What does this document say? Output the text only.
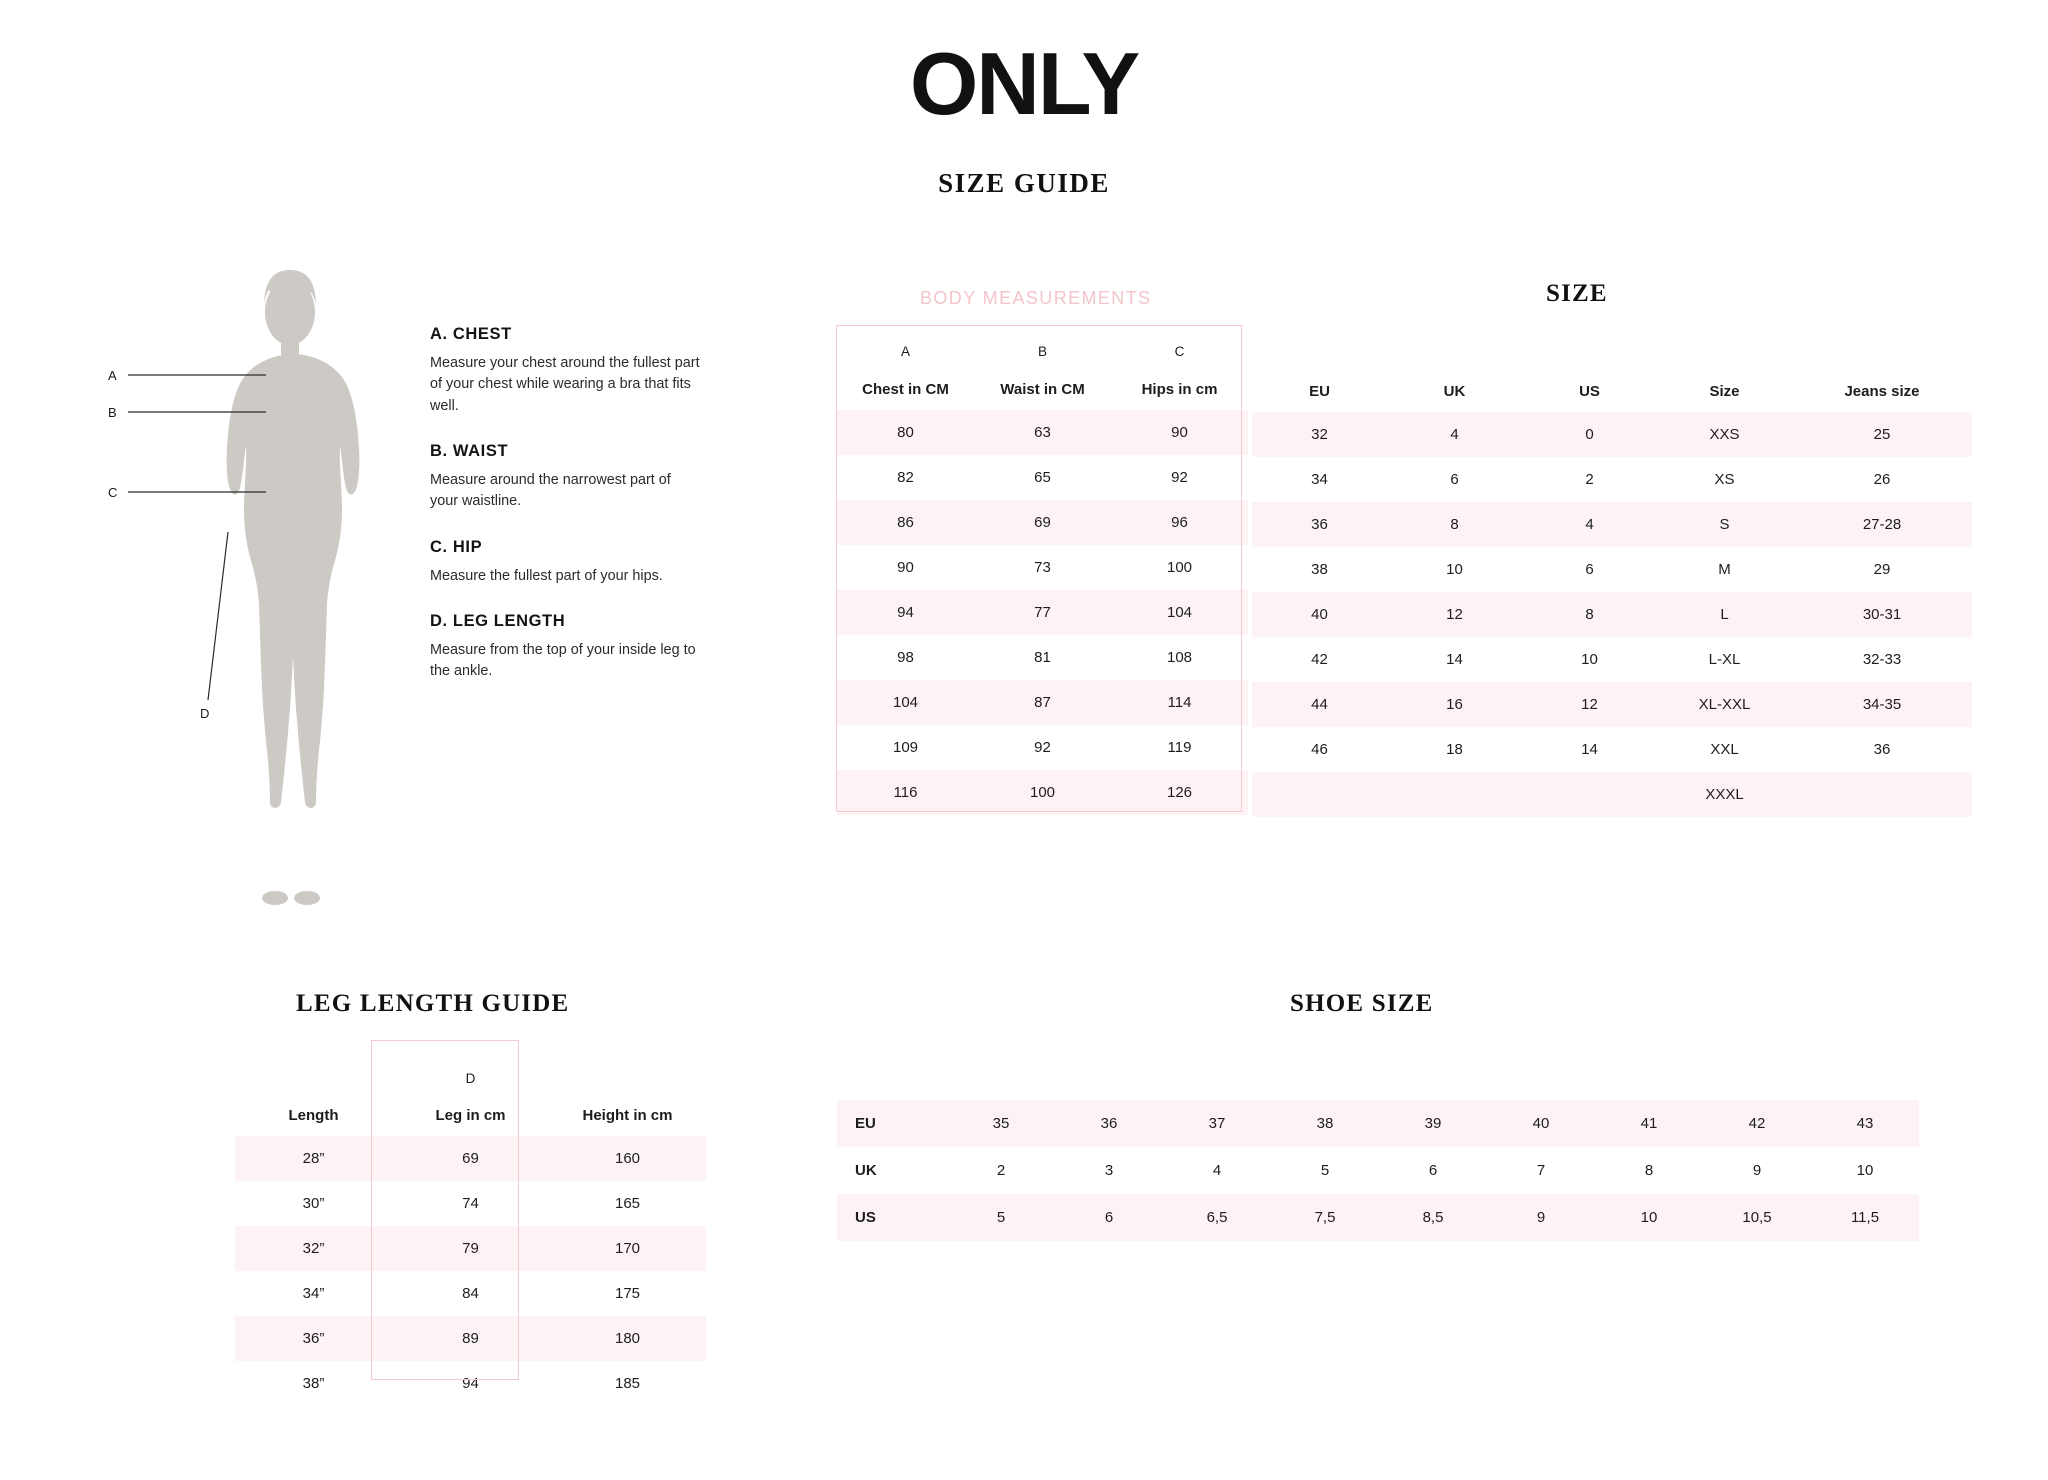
ONLY
SIZE GUIDE
A
B
C
D
A. CHEST
Measure your chest around the fullest part of your chest while wearing a bra that fits well.
B. WAIST
Measure around the narrowest part of your waistline.
C. HIP
Measure the fullest part of your hips.
D. LEG LENGTH
Measure from the top of your inside leg to the ankle.
BODY MEASUREMENTS
A	B	C
Chest in CM	Waist in CM	Hips in cm
80	63	90
82	65	92
86	69	96
90	73	100
94	77	104
98	81	108
104	87	114
109	92	119
116	100	126
SIZE
EU	UK	US	Size	Jeans size
32	4	0	XXS	25
34	6	2	XS	26
36	8	4	S	27-28
38	10	6	M	29
40	12	8	L	30-31
42	14	10	L-XL	32-33
44	16	12	XL-XXL	34-35
46	18	14	XXL	36
			XXXL	
LEG LENGTH GUIDE
	D	
Length	Leg in cm	Height in cm
28”	69	160
30”	74	165
32”	79	170
34”	84	175
36”	89	180
38”	94	185
SHOE SIZE
EU	35	36	37	38	39	40	41	42	43
UK	2	3	4	5	6	7	8	9	10
US	5	6	6,5	7,5	8,5	9	10	10,5	11,5
